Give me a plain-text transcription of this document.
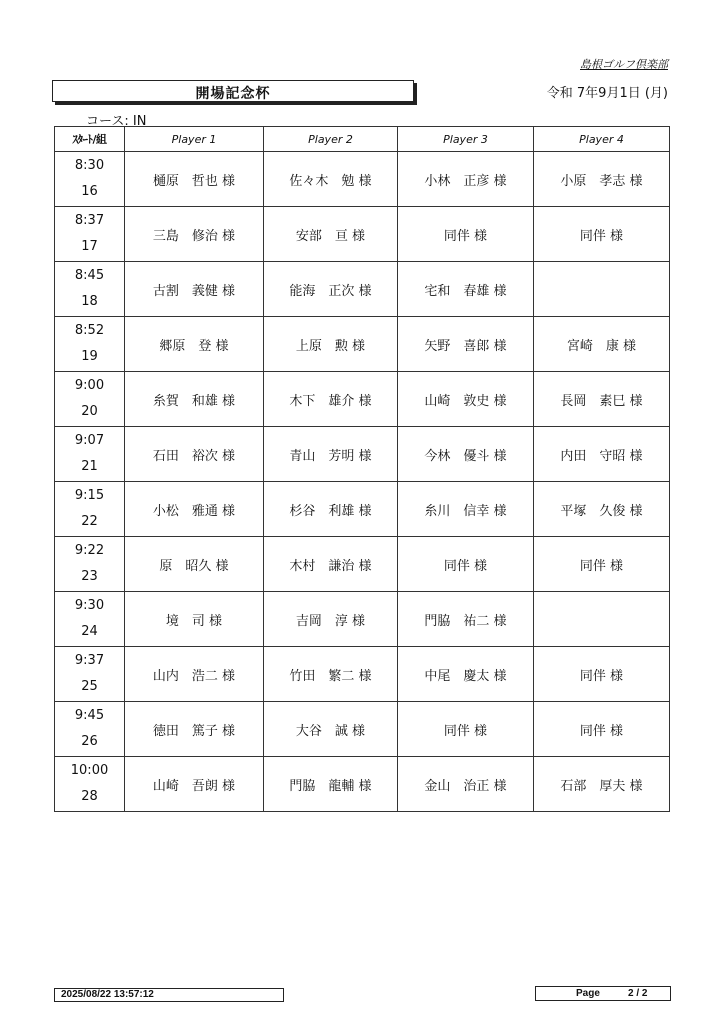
島根ゴルフ倶楽部
開場記念杯	令和 7年9月1日 (月)
コース: IN
ｽﾀｰﾄ/組	Player 1	Player 2	Player 3	Player 4

8:30
16	樋原　哲也 様	佐々木　勉 様	小林　正彦 様	小原　孝志 様

8:37
17	三島　修治 様	安部　亘 様	同伴 様	同伴 様

8:45
18	古割　義健 様	能海　正次 様	宅和　春雄 様	

8:52
19	郷原　登 様	上原　勲 様	矢野　喜郎 様	宮崎　康 様

9:00
20	糸賀　和雄 様	木下　雄介 様	山崎　敦史 様	長岡　素巳 様

9:07
21	石田　裕次 様	青山　芳明 様	今林　優斗 様	内田　守昭 様

9:15
22	小松　雅通 様	杉谷　利雄 様	糸川　信幸 様	平塚　久俊 様

9:22
23	原　昭久 様	木村　謙治 様	同伴 様	同伴 様

9:30
24	境　司 様	吉岡　淳 様	門脇　祐二 様	

9:37
25	山内　浩二 様	竹田　繁二 様	中尾　慶太 様	同伴 様

9:45
26	徳田　篤子 様	大谷　誠 様	同伴 様	同伴 様

10:00
28	山崎　吾朗 様	門脇　龍輔 様	金山　治正 様	石部　厚夫 様
2025/08/22 13:57:12	Page	2 / 2
